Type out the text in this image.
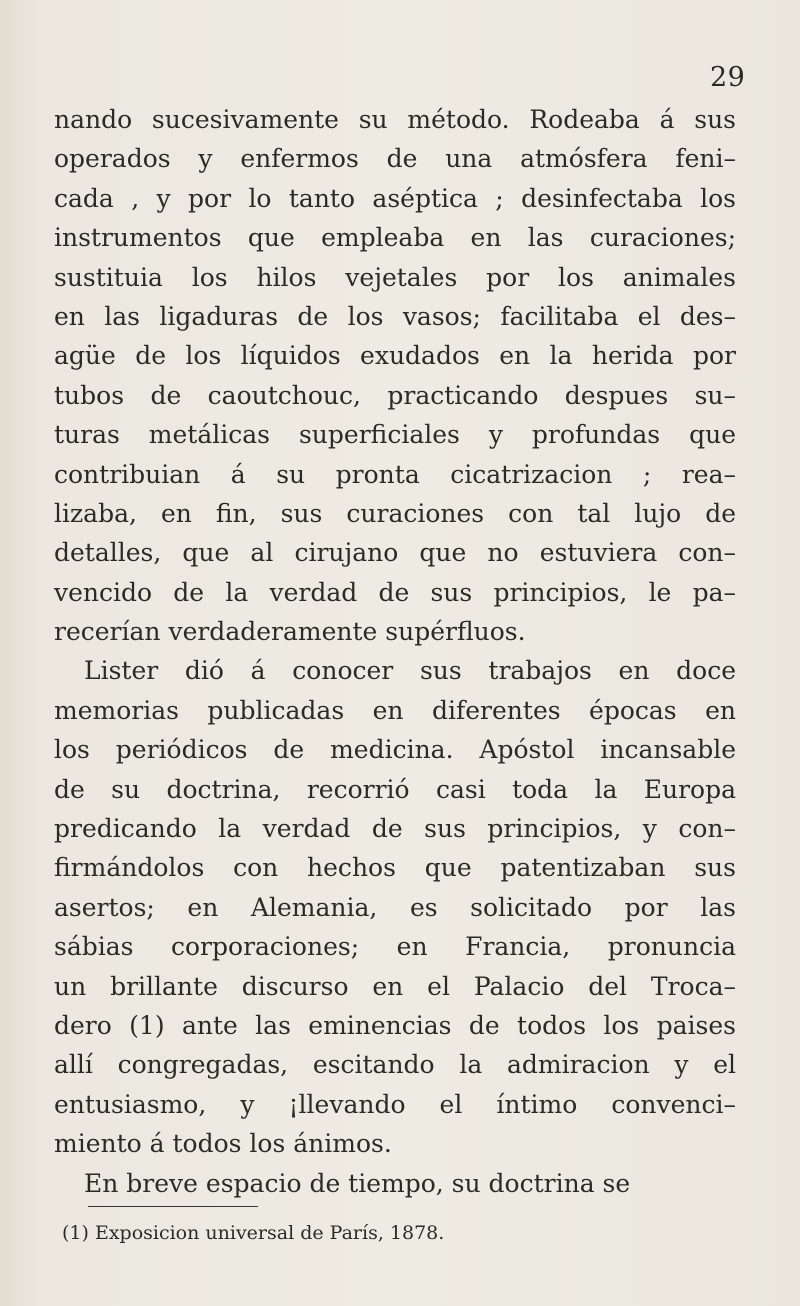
29
nando sucesivamente su método. Rodeaba á sus
operados y enfermos de una atmósfera feni–
cada , y por lo tanto aséptica ; desinfectaba los
instrumentos que empleaba en las curaciones;
sustituia los hilos vejetales por los animales
en las ligaduras de los vasos; facilitaba el des–
agüe de los líquidos exudados en la herida por
tubos de caoutchouc, practicando despues su–
turas metálicas superficiales y profundas que
contribuian á su pronta cicatrizacion ; rea–
lizaba, en fin, sus curaciones con tal lujo de
detalles, que al cirujano que no estuviera con–
vencido de la verdad de sus principios, le pa–
recerían verdaderamente supérfluos.
Lister dió á conocer sus trabajos en doce
memorias publicadas en diferentes épocas en
los periódicos de medicina. Apóstol incansable
de su doctrina, recorrió casi toda la Europa
predicando la verdad de sus principios, y con–
firmándolos con hechos que patentizaban sus
asertos; en Alemania, es solicitado por las
sábias corporaciones; en Francia, pronuncia
un brillante discurso en el Palacio del Troca–
dero (1) ante las eminencias de todos los paises
allí congregadas, escitando la admiracion y el
entusiasmo, y ¡llevando el íntimo convenci–
miento á todos los ánimos.
En breve espacio de tiempo, su doctrina se
(1) Exposicion universal de París, 1878.
